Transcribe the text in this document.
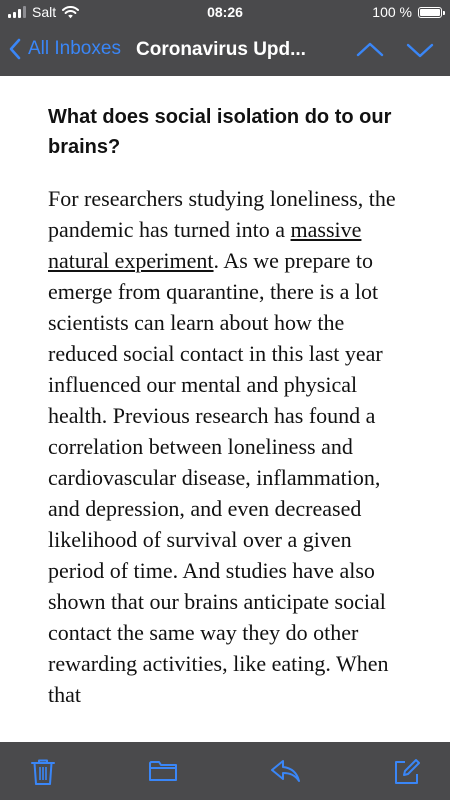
Salt	08:26	100 %
All Inboxes Coronavirus Upd...
What does social isolation do to our brains?

For researchers studying loneliness, the pandemic has turned into a massive natural experiment. As we prepare to emerge from quarantine, there is a lot scientists can learn about how the reduced social contact in this last year influenced our mental and physical health. Previous research has found a correlation between loneliness and cardiovascular disease, inflammation, and depression, and even decreased likelihood of survival over a given period of time. And studies have also shown that our brains anticipate social contact the same way they do other rewarding activities, like eating. When that
